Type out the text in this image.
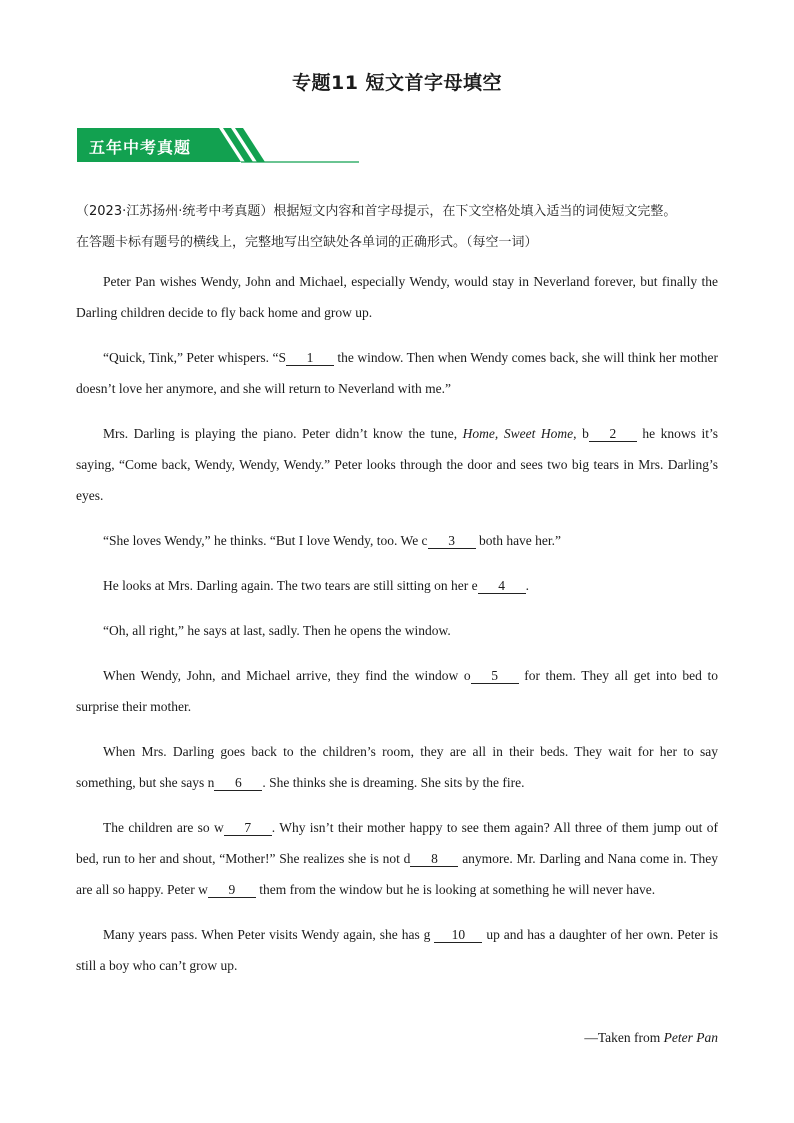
专题11 短文首字母填空
五年中考真题

（2023·江苏扬州·统考中考真题）根据短文内容和首字母提示，在下文空格处填入适当的词使短文完整。

在答题卡标有题号的横线上，完整地写出空缺处各单词的正确形式。（每空一词）

Peter Pan wishes Wendy, John and Michael, especially Wendy, would stay in Neverland forever, but finally the Darling children decide to fly back home and grow up.

“Quick, Tink,” Peter whispers. “S 1 the window. Then when Wendy comes back, she will think her mother doesn’t love her anymore, and she will return to Neverland with me.”

Mrs. Darling is playing the piano. Peter didn’t know the tune, Home, Sweet Home, b 2 he knows it’s saying, “Come back, Wendy, Wendy, Wendy.” Peter looks through the door and sees two big tears in Mrs. Darling’s eyes.

“She loves Wendy,” he thinks. “But I love Wendy, too. We c 3 both have her.”

He looks at Mrs. Darling again. The two tears are still sitting on her e 4 .

“Oh, all right,” he says at last, sadly. Then he opens the window.

When Wendy, John, and Michael arrive, they find the window o 5 for them. They all get into bed to surprise their mother.

When Mrs. Darling goes back to the children’s room, they are all in their beds. They wait for her to say something, but she says n 6 . She thinks she is dreaming. She sits by the fire.

The children are so w 7 . Why isn’t their mother happy to see them again? All three of them jump out of bed, run to her and shout, “Mother!” She realizes she is not d 8 anymore. Mr. Darling and Nana come in. They are all so happy. Peter w 9 them from the window but he is looking at something he will never have.

Many years pass. When Peter visits Wendy again, she has g 10 up and has a daughter of her own. Peter is still a boy who can’t grow up.

—Taken from Peter Pan
